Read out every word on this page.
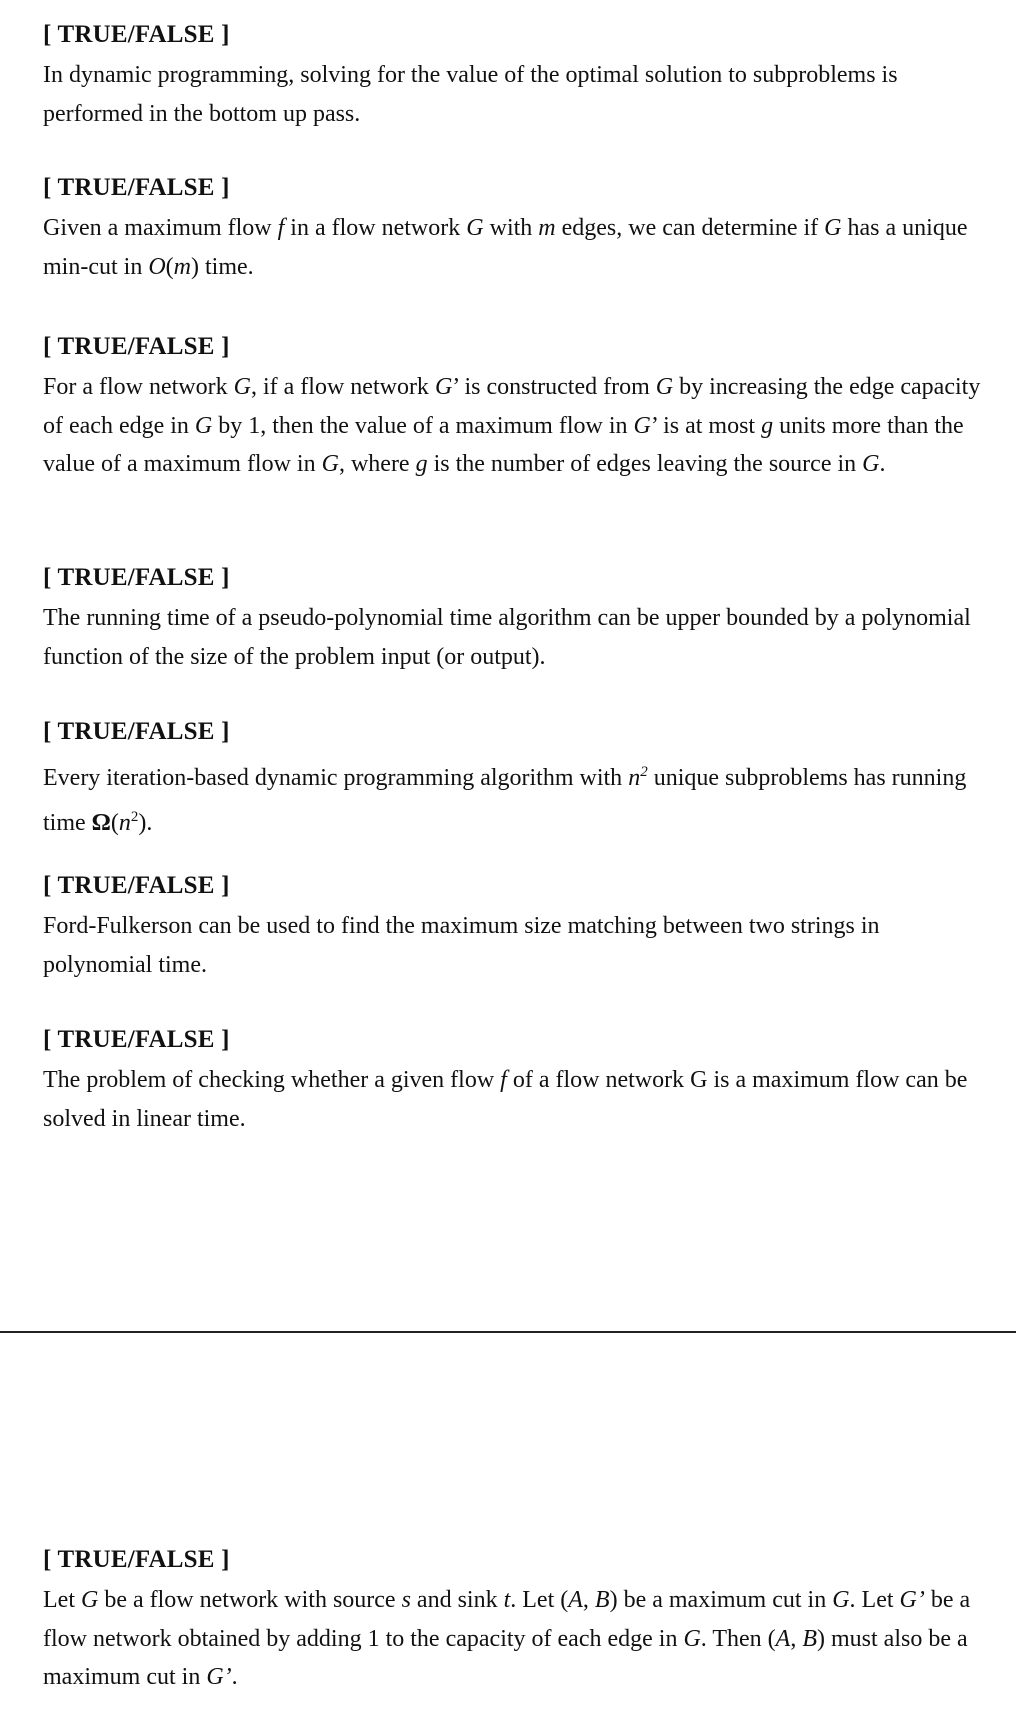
[ TRUE/FALSE ]

In dynamic programming, solving for the value of the optimal solution to subproblems is performed in the bottom up pass.

[ TRUE/FALSE ]

Given a maximum flow f in a flow network G with m edges, we can determine if G has a unique min-cut in O(m) time.

[ TRUE/FALSE ]

For a flow network G, if a flow network G’ is constructed from G by increasing the edge capacity of each edge in G by 1, then the value of a maximum flow in G’ is at most g units more than the value of a maximum flow in G, where g is the number of edges leaving the source in G.

[ TRUE/FALSE ]

The running time of a pseudo-polynomial time algorithm can be upper bounded by a polynomial function of the size of the problem input (or output).

[ TRUE/FALSE ]

Every iteration-based dynamic programming algorithm with $n^2$ unique subproblems has running time $\Omega(n^2)$.

[ TRUE/FALSE ]

Ford-Fulkerson can be used to find the maximum size matching between two strings in polynomial time.

[ TRUE/FALSE ]

The problem of checking whether a given flow f of a flow network G is a maximum flow can be solved in linear time.

[ TRUE/FALSE ]

Let G be a flow network with source s and sink t. Let (A, B) be a maximum cut in G. Let G’ be a flow network obtained by adding 1 to the capacity of each edge in G. Then (A, B) must also be a maximum cut in G’.
